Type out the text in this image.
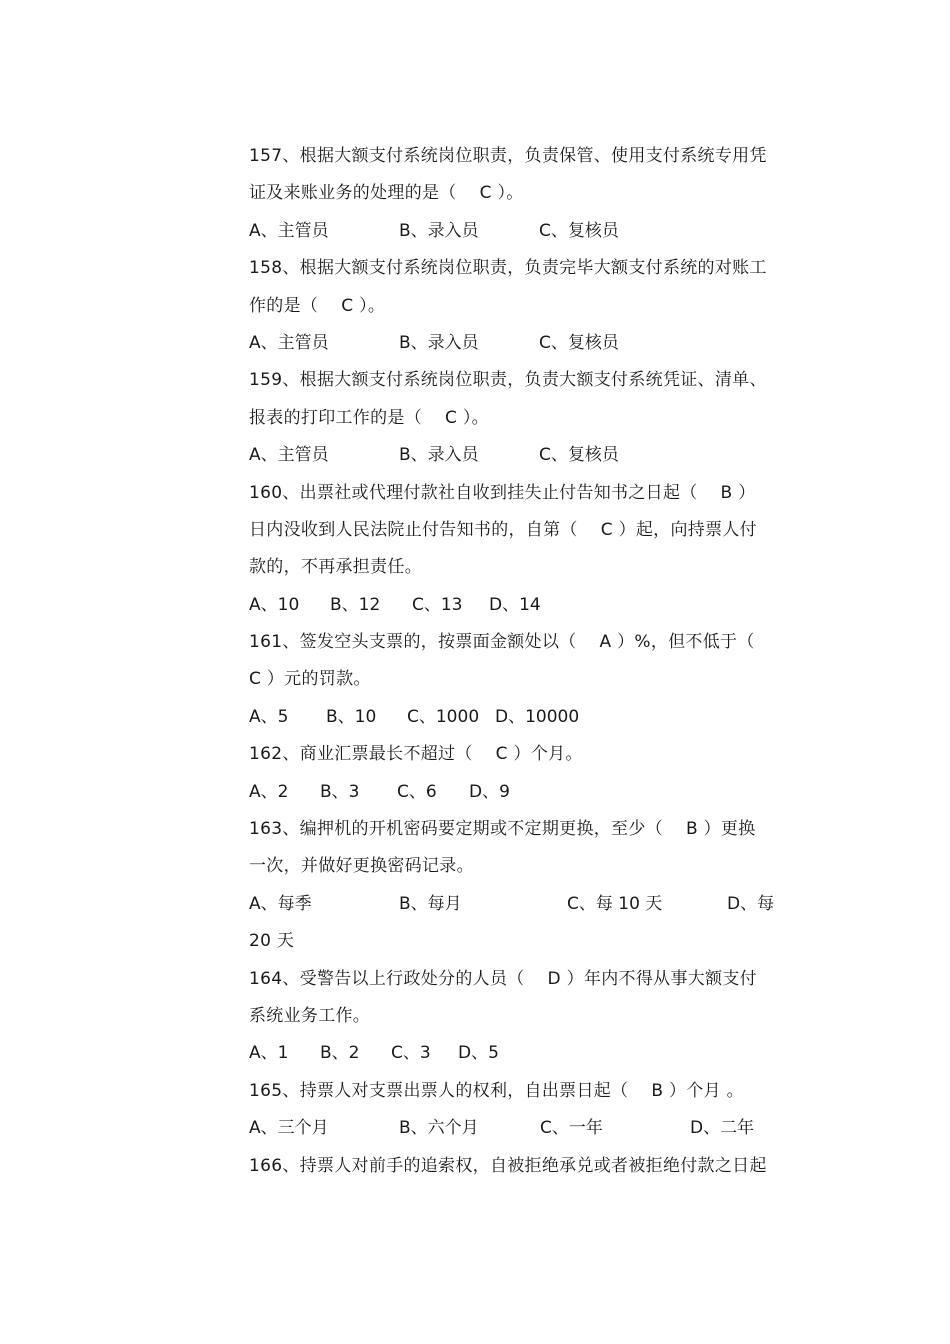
157、根据大额支付系统岗位职责，负责保管、使用支付系统专用凭
证及来账业务的处理的是（　 C ）。
A、主管员	B、录入员	C、复核员
158、根据大额支付系统岗位职责，负责完毕大额支付系统的对账工
作的是（　 C ）。
A、主管员	B、录入员	C、复核员
159、根据大额支付系统岗位职责，负责大额支付系统凭证、清单、
报表的打印工作的是（　 C ）。
A、主管员	B、录入员	C、复核员
160、出票社或代理付款社自收到挂失止付告知书之日起（　 B ）
日内没收到人民法院止付告知书的，自第（　 C ）起，向持票人付
款的，不再承担责任。
A、10	B、12	C、13	D、14
161、签发空头支票的，按票面金额处以（　 A ）%，但不低于（
C ）元的罚款。
A、5	B、10	C、1000 D、10000
162、商业汇票最长不超过（　 C ）个月。
A、2	B、3	C、6	D、9
163、编押机的开机密码要定期或不定期更换，至少（　 B ）更换
一次，并做好更换密码记录。
A、每季	B、每月	C、每 10 天	D、每
20 天
164、受警告以上行政处分的人员（　 D ）年内不得从事大额支付
系统业务工作。
A、1	B、2	C、3	D、5
165、持票人对支票出票人的权利，自出票日起（　 B ）个月 。
A、三个月	B、六个月	C、一年	D、二年
166、持票人对前手的追索权，自被拒绝承兑或者被拒绝付款之日起
